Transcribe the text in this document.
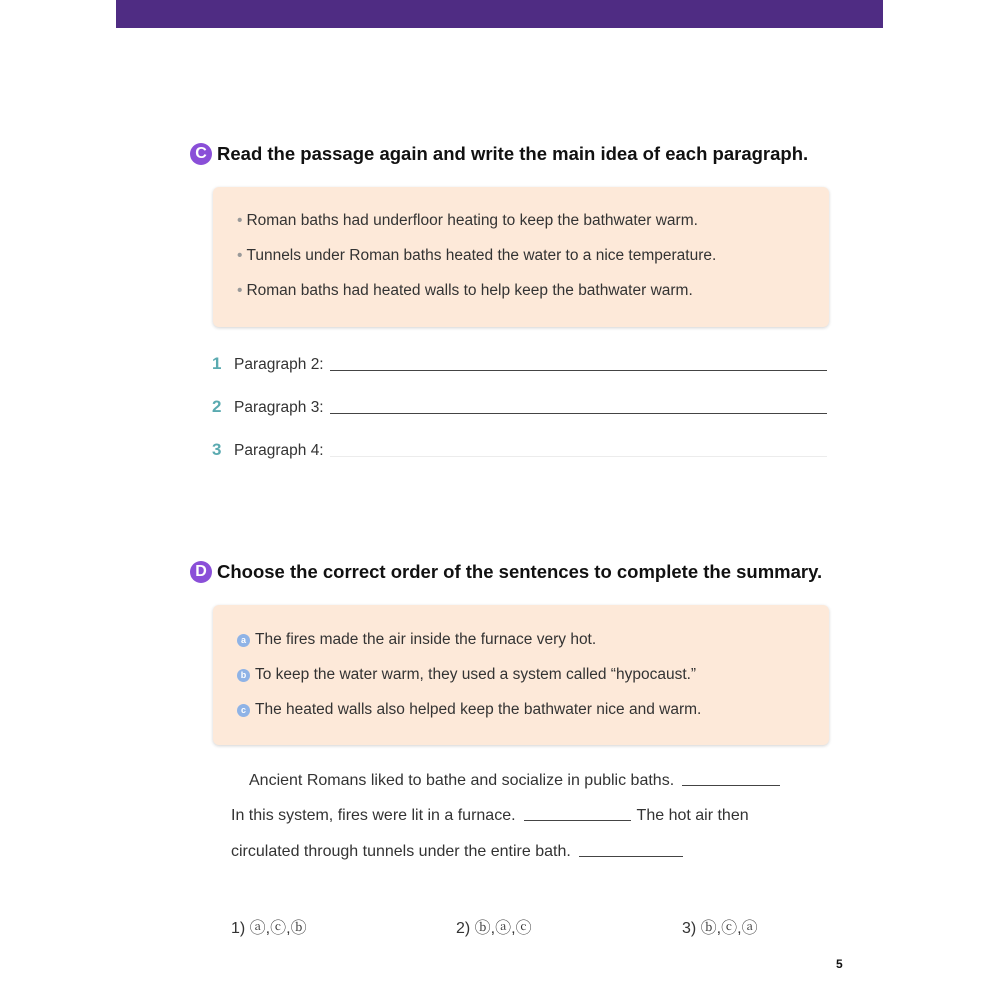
C Read the passage again and write the main idea of each paragraph.
• Roman baths had underfloor heating to keep the bathwater warm.
• Tunnels under Roman baths heated the water to a nice temperature.
• Roman baths had heated walls to help keep the bathwater warm.
1 Paragraph 2:
2 Paragraph 3:
3 Paragraph 4:
D Choose the correct order of the sentences to complete the summary.
a The fires made the air inside the furnace very hot.
b To keep the water warm, they used a system called “hypocaust.”
c The heated walls also helped keep the bathwater nice and warm.
Ancient Romans liked to bathe and socialize in public baths.
In this system, fires were lit in a furnace.	The hot air then
circulated through tunnels under the entire bath.
1) ⓐ,ⓒ,ⓑ	2) ⓑ,ⓐ,ⓒ	3) ⓑ,ⓒ,ⓐ
5
